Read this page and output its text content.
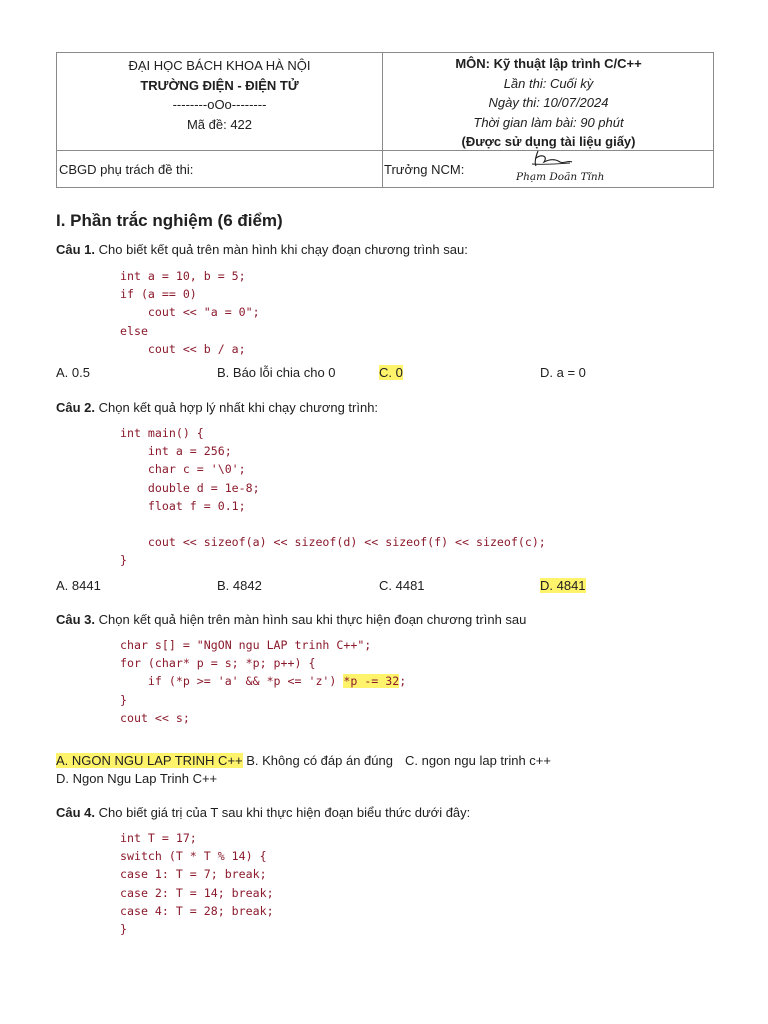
ĐẠI HỌC BÁCH KHOA HÀ NỘI
TRƯỜNG ĐIỆN - ĐIỆN TỬ
--------oOo--------
Mã đề: 422
MÔN: Kỹ thuật lập trình C/C++
Lần thi: Cuối kỳ
Ngày thi: 10/07/2024
Thời gian làm bài: 90 phút
(Được sử dụng tài liệu giấy)
CBGD phụ trách đề thi:	Trưởng NCM:	Phạm Doãn Tĩnh
I. Phần trắc nghiệm (6 điểm)
Câu 1. Cho biết kết quả trên màn hình khi chạy đoạn chương trình sau:
int a = 10, b = 5;
if (a == 0)
cout << "a = 0";
else
cout << b / a;
A. 0.5	B. Báo lỗi chia cho 0	C. 0	D. a = 0
Câu 2. Chọn kết quả hợp lý nhất khi chạy chương trình:
int main() {
int a = 256;
char c = '\0';
double d = 1e-8;
float f = 0.1;

cout << sizeof(a) << sizeof(d) << sizeof(f) << sizeof(c);
}
A. 8441	B. 4842	C. 4481	D. 4841
Câu 3. Chọn kết quả hiện trên màn hình sau khi thực hiện đoạn chương trình sau
char s[] = "NgON ngu LAP trinh C++";
for (char* p = s; *p; p++) {
if (*p >= 'a' && *p <= 'z') *p -= 32;
}
cout << s;
A. NGON NGU LAP TRINH C++ B. Không có đáp án đúng C. ngon ngu lap trinh c++
D. Ngon Ngu Lap Trinh C++
Câu 4. Cho biết giá trị của T sau khi thực hiện đoạn biểu thức dưới đây:
int T = 17;
switch (T * T % 14) {
case 1: T = 7; break;
case 2: T = 14; break;
case 4: T = 28; break;
}
